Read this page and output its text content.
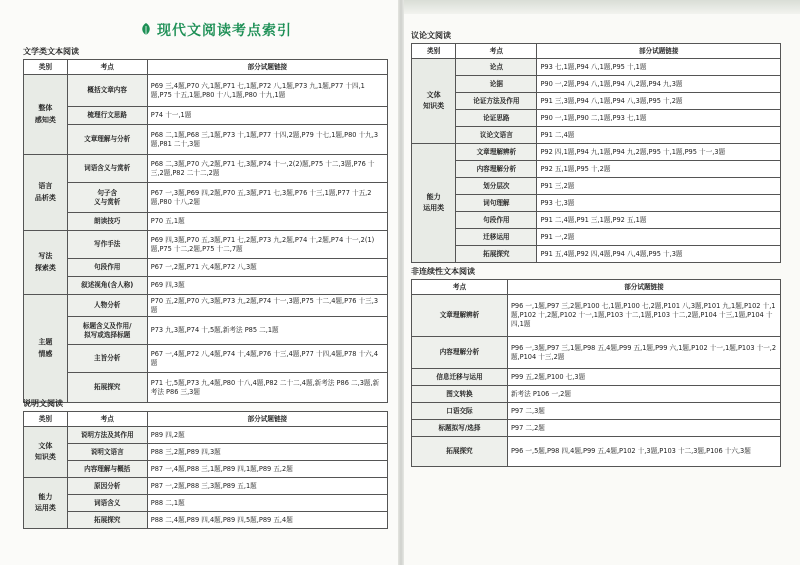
现代文阅读考点索引
文学类文本阅读
类别	考点	部分试题链接
整体
感知类	概括文章内容	P69 三,4题,P70 六,1题,P71 七,1题,P72 八,1题,P73 九,1题,P77 十四,1题,P75 十五,1题,P80 十八,1题,P80 十九,1题
	梳理行文思路	P74 十一,1题
	文章理解与分析	P68 二,1题,P68 三,1题,P73 十,1题,P77 十四,2题,P79 十七,1题,P80 十九,3题,P81 二十,3题
语言
品析类	词语含义与赏析	P68 二,3题,P70 六,2题,P71 七,3题,P74 十一,2(2)题,P75 十二,3题,P76 十三,2题,P82 二十二,2题
	句子含
义与赏析	P67 一,3题,P69 四,2题,P70 五,3题,P71 七,3题,P76 十三,1题,P77 十五,2题,P80 十八,2题
	朗读技巧	P70 五,1题
写法
探索类	写作手法	P69 四,3题,P70 五,3题,P71 七,2题,P73 九,2题,P74 十,2题,P74 十一,2(1)题,P75 十二,2题,P75 十二,7题
	句段作用	P67 一,2题,P71 六,4题,P72 八,3题
	叙述视角(含人称)	P69 四,3题
主题
情感	人物分析	P70 五,2题,P70 六,3题,P73 九,2题,P74 十一,3题,P75 十二,4题,P76 十三,3题
	标题含义及作用/
拟写或选择标题	P73 九,3题,P74 十,5题,新考法 P85 二,1题
	主旨分析	P67 一,4题,P72 八,4题,P74 十,4题,P76 十三,4题,P77 十四,4题,P78 十六,4题
	拓展探究	P71 七,5题,P73 九,4题,P80 十八,4题,P82 二十二,4题,新考法 P86 二,3题,新考法 P86 三,3题
说明文阅读
类别	考点	部分试题链接
文体
知识类	说明方法及其作用	P89 四,2题
	说明文语言	P88 三,2题,P89 四,3题
	内容理解与概括	P87 一,4题,P88 三,1题,P89 四,1题,P89 五,2题
能力
运用类	原因分析	P87 一,2题,P88 三,3题,P89 五,1题
	词语含义	P88 二,1题
	拓展探究	P88 二,4题,P89 四,4题,P89 四,5题,P89 五,4题
议论文阅读
类别	考点	部分试题链接
文体
知识类	论点	P93 七,1题,P94 八,1题,P95 十,1题
	论据	P90 一,2题,P94 八,1题,P94 八,2题,P94 九,3题
	论证方法及作用	P91 三,3题,P94 八,1题,P94 八,3题,P95 十,2题
	论证思路	P90 一,1题,P90 二,1题,P93 七,1题
	议论文语言	P91 二,4题
能力
运用类	文章理解辨析	P92 四,1题,P94 九,1题,P94 九,2题,P95 十,1题,P95 十一,3题
	内容理解分析	P92 五,1题,P95 十,2题
	划分层次	P91 三,2题
	词句理解	P93 七,3题
	句段作用	P91 二,4题,P91 三,1题,P92 五,1题
	迁移运用	P91 一,2题
	拓展探究	P91 五,4题,P92 四,4题,P94 八,4题,P95 十,3题
非连续性文本阅读
考点	部分试题链接
文章理解辨析	P96 一,1题,P97 三,2题,P100 七,1题,P100 七,2题,P101 八,3题,P101 九,1题,P102 十,1题,P102 十,2题,P102 十一,1题,P103 十二,1题,P103 十二,2题,P104 十三,1题,P104 十四,1题
内容理解分析	P96 一,3题,P97 三,1题,P98 五,4题,P99 五,1题,P99 六,1题,P102 十一,1题,P103 十一,2题,P104 十三,2题
信息迁移与运用	P99 五,2题,P100 七,3题
图文转换	新考法 P106 一,2题
口语交际	P97 二,3题
标题拟写/选择	P97 二,2题
拓展探究	P96 一,5题,P98 四,4题,P99 五,4题,P102 十,3题,P103 十二,3题,P106 十六,3题
